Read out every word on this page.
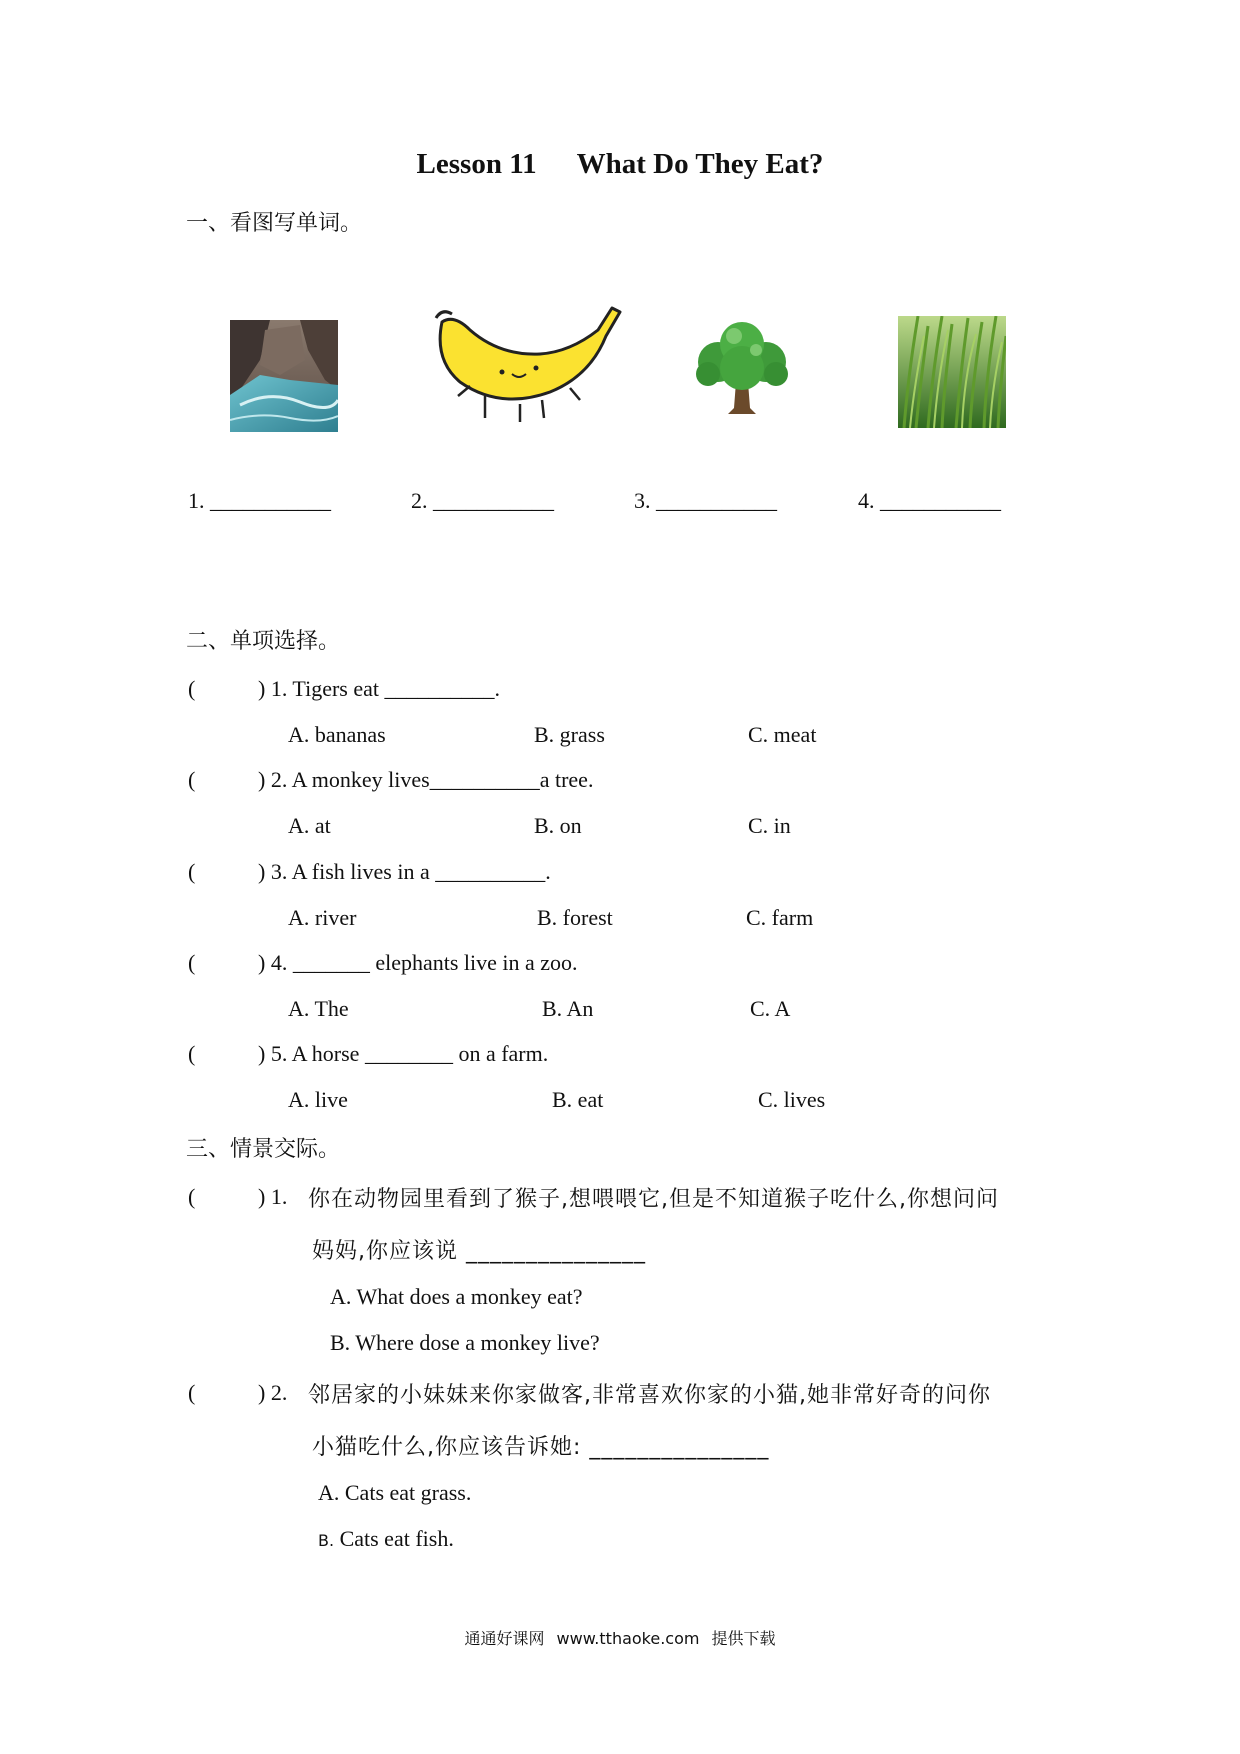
Lesson 11 What Do They Eat?
一、看图写单词。
1. ___________	2. ___________	3. ___________	4. ___________
二、单项选择。
(	) 1. Tigers eat __________.
A. bananas	B. grass	C. meat
(	) 2. A monkey lives__________a tree.
A. at	B. on	C. in
(	) 3. A fish lives in a __________.
A. river	B. forest	C. farm
(	) 4. _______ elephants live in a zoo.
A. The	B. An	C. A
(	) 5. A horse ________ on a farm.
A. live	B. eat	C. lives
三、情景交际。
(	) 1. 你在动物园里看到了猴子,想喂喂它,但是不知道猴子吃什么,你想问问
妈妈,你应该说 _______________
A. What does a monkey eat?
B. Where dose a monkey live?
(	) 2. 邻居家的小妹妹来你家做客,非常喜欢你家的小猫,她非常好奇的问你
小猫吃什么,你应该告诉她: _______________
A. Cats eat grass.
B. Cats eat fish.
通通好课网 www.tthaoke.com 提供下载
